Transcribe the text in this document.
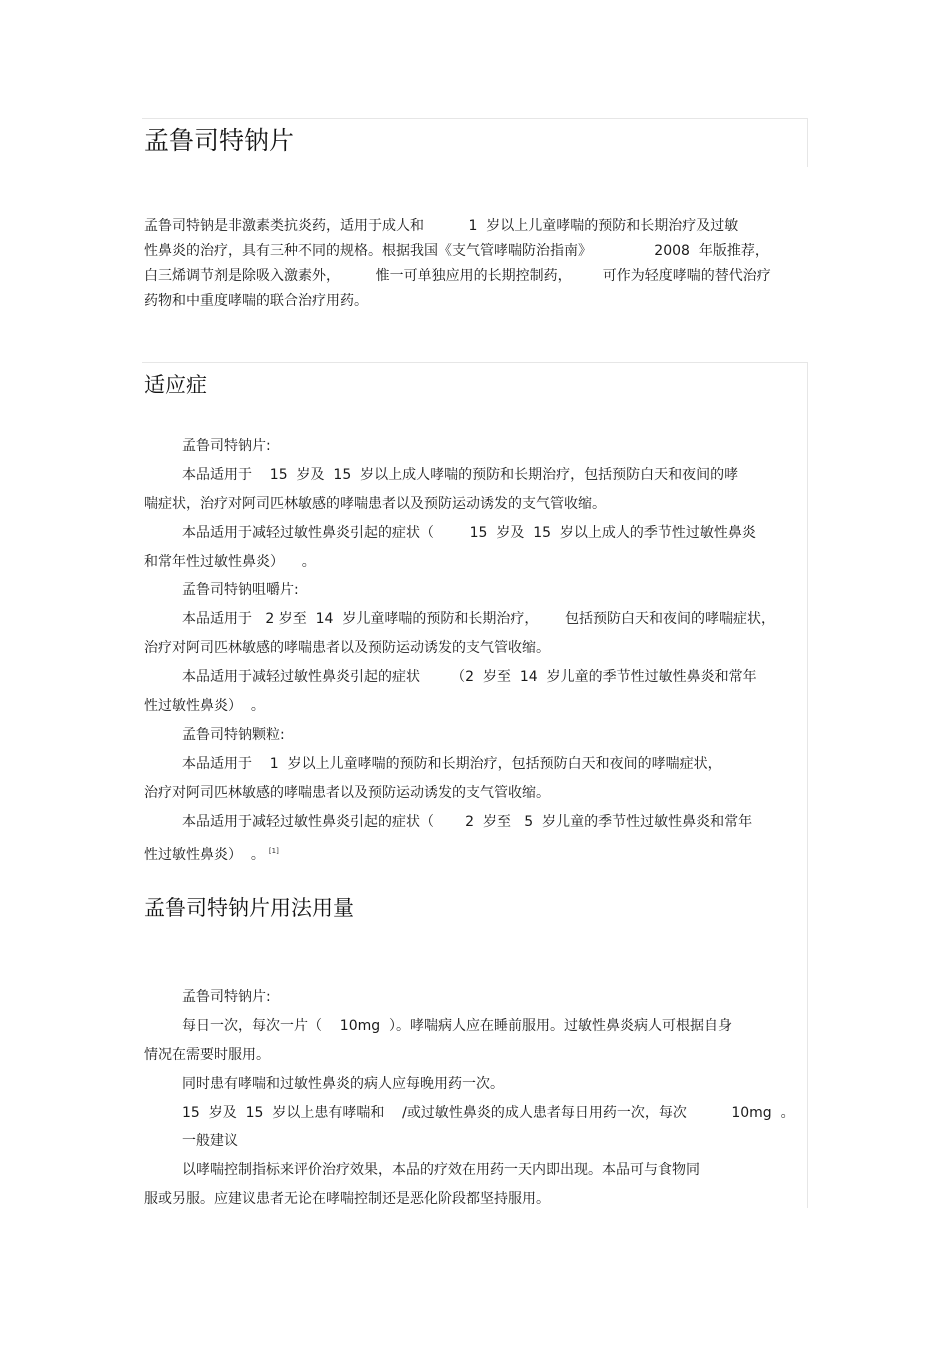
孟鲁司特钠片
孟鲁司特钠是非激素类抗炎药，适用于成人和          1  岁以上儿童哮喘的预防和长期治疗及过敏
性鼻炎的治疗，具有三种不同的规格。根据我国《支气管哮喘防治指南》              2008  年版推荐，
白三烯调节剂是除吸入激素外，        惟一可单独应用的长期控制药，       可作为轻度哮喘的替代治疗
药物和中重度哮喘的联合治疗用药。
适应症
孟鲁司特钠片:
本品适用于    15  岁及  15  岁以上成人哮喘的预防和长期治疗，包括预防白天和夜间的哮
喘症状，治疗对阿司匹林敏感的哮喘患者以及预防运动诱发的支气管收缩。
本品适用于减轻过敏性鼻炎引起的症状（        15  岁及  15  岁以上成人的季节性过敏性鼻炎
和常年性过敏性鼻炎）    。
孟鲁司特钠咀嚼片:
本品适用于   2 岁至  14  岁儿童哮喘的预防和长期治疗，      包括预防白天和夜间的哮喘症状，
治疗对阿司匹林敏感的哮喘患者以及预防运动诱发的支气管收缩。
本品适用于减轻过敏性鼻炎引起的症状       （2  岁至  14  岁儿童的季节性过敏性鼻炎和常年
性过敏性鼻炎）  。
孟鲁司特钠颗粒:
本品适用于    1  岁以上儿童哮喘的预防和长期治疗，包括预防白天和夜间的哮喘症状，
治疗对阿司匹林敏感的哮喘患者以及预防运动诱发的支气管收缩。
本品适用于减轻过敏性鼻炎引起的症状（       2  岁至   5  岁儿童的季节性过敏性鼻炎和常年
性过敏性鼻炎）  。 [1]
孟鲁司特钠片用法用量
孟鲁司特钠片:
每日一次，每次一片（    10mg  ）。哮喘病人应在睡前服用。过敏性鼻炎病人可根据自身
情况在需要时服用。
同时患有哮喘和过敏性鼻炎的病人应每晚用药一次。
15  岁及  15  岁以上患有哮喘和    /或过敏性鼻炎的成人患者每日用药一次，每次          10mg  。
一般建议
以哮喘控制指标来评价治疗效果，本品的疗效在用药一天内即出现。本品可与食物同
服或另服。应建议患者无论在哮喘控制还是恶化阶段都坚持服用。
